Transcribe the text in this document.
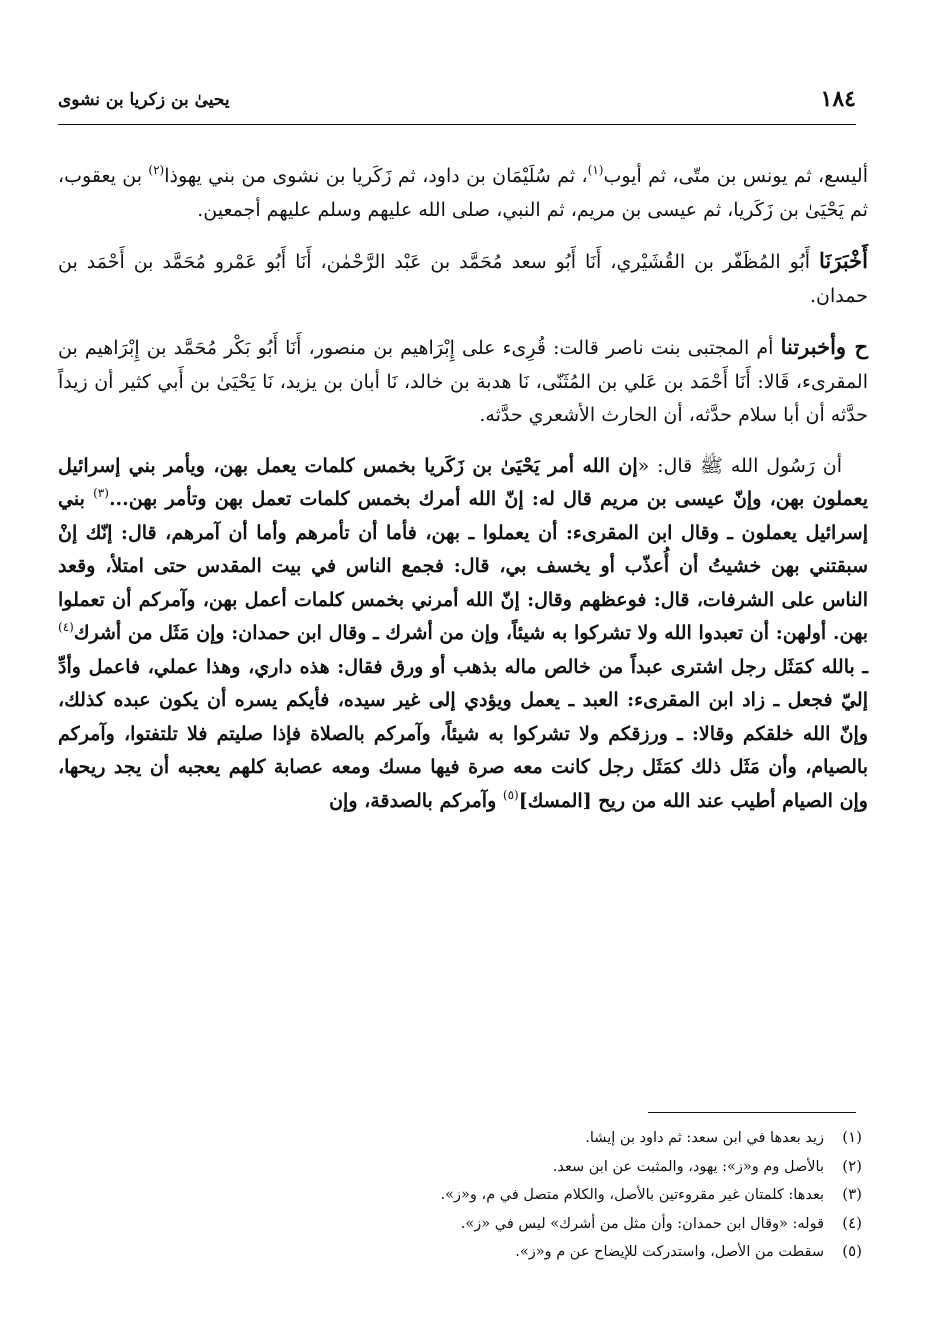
١٨٤
يحيىٰ بن زكريا بن نشوى

أليسع، ثم يونس بن متّى، ثم أيوب$^{(١)}$، ثم سُلَيْمَان بن داود، ثم زَكَريا بن نشوى من بني يهوذا$^{(٢)}$ بن يعقوب، ثم يَحْيَىٰ بن زَكَريا، ثم عيسى بن مريم، ثم النبي، صلى الله عليهم وسلم عليهم أجمعين.

أَخْبَرَنَا أَبُو المُظَفّر بن القُشَيْري، أَنَا أَبُو سعد مُحَمَّد بن عَبْد الرَّحْمٰن، أَنَا أَبُو عَمْرو مُحَمَّد بن أَحْمَد بن حمدان.

ح وأخبرتنا أم المجتبى بنت ناصر قالت: قُرِىء على إِبْرَاهيم بن منصور، أَنَا أَبُو بَكْر مُحَمَّد بن إِبْرَاهيم بن المقرىء، قَالا: أَنَا أَحْمَد بن عَلي بن المُثَنّى، نَا هدبة بن خالد، نَا أبان بن يزيد، نَا يَحْيَىٰ بن أَبي كثير أن زيداً حدَّثه أن أبا سلام حدَّثه، أن الحارث الأشعري حدَّثه.

أن رَسُول الله ﷺ قال: «إن الله أمر يَحْيَىٰ بن زَكَريا بخمس كلمات يعمل بهن، ويأمر بني إسرائيل يعملون بهن، وإنّ عيسى بن مريم قال له: إنّ الله أمرك بخمس كلمات تعمل بهن وتأمر بهن...$^{(٣)}$ بني إسرائيل يعملون ـ وقال ابن المقرىء: أن يعملوا ـ بهن، فأما أن تأمرهم وأما أن آمرهم، قال: إنّك إنْ سبقتني بهن خشيتُ أن أُعذّب أو يخسف بي، قال: فجمع الناس في بيت المقدس حتى امتلأ، وقعد الناس على الشرفات، قال: فوعظهم وقال: إنّ الله أمرني بخمس كلمات أعمل بهن، وآمركم أن تعملوا بهن. أولهن: أن تعبدوا الله ولا تشركوا به شيئاً، وإن من أشرك ـ وقال ابن حمدان: وإن مَثَل من أشرك$^{(٤)}$ ـ بالله كمَثَل رجل اشترى عبداً من خالص ماله بذهب أو ورق فقال: هذه داري، وهذا عملي، فاعمل وأدِّ إليّ فجعل ـ زاد ابن المقرىء: العبد ـ يعمل ويؤدي إلى غير سيده، فأيكم يسره أن يكون عبده كذلك، وإنّ الله خلقكم وقالا: ـ ورزقكم ولا تشركوا به شيئاً، وآمركم بالصلاة فإذا صليتم فلا تلتفتوا، وآمركم بالصيام، وأن مَثَل ذلك كمَثَل رجل كانت معه صرة فيها مسك ومعه عصابة كلهم يعجبه أن يجد ريحها، وإن الصيام أطيب عند الله من ريح [المسك]$^{(٥)}$ وآمركم بالصدقة، وإن

(١)
زيد بعدها في ابن سعد: ثم داود بن إيشا.
(٢)
بالأصل وم و«ز»: يهود، والمثبت عن ابن سعد.
(٣)
بعدها: كلمتان غير مقروءتين بالأصل، والكلام متصل في م، و«ز».
(٤)
قوله: «وقال ابن حمدان: وأن مثل من أشرك» ليس في «ز».
(٥)
سقطت من الأصل، واستدركت للإيضاح عن م و«ز».
